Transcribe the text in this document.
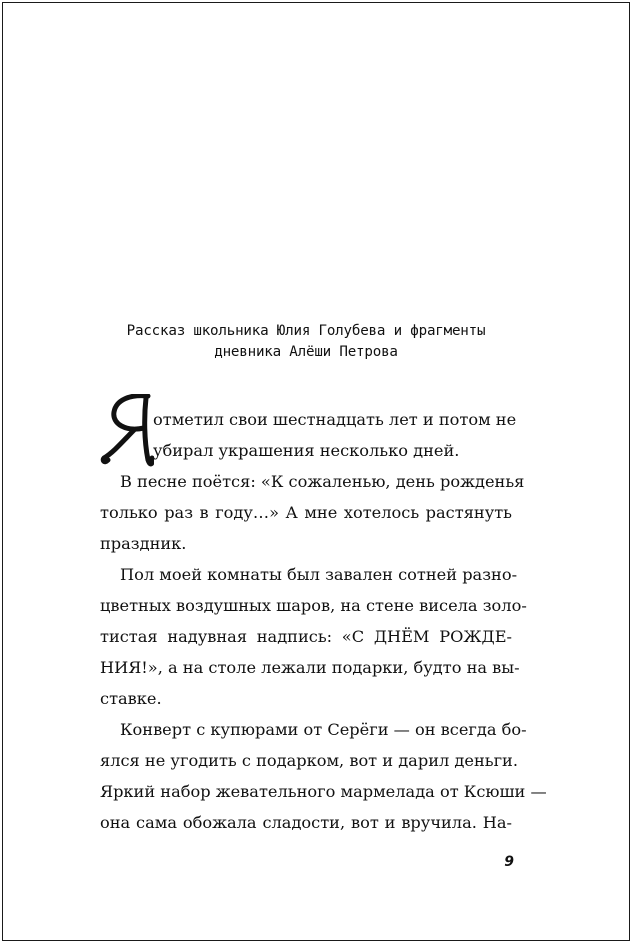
Рассказ школьника Юлия Голубева и фрагменты
дневника Алёши Петрова
отметил свои шестнадцать лет и потом не
убирал украшения несколько дней.
В песне поётся: «К сожаленью, день рожденья
только раз в году…» А мне хотелось растянуть
праздник.
Пол моей комнаты был завален сотней разно-
цветных воздушных шаров, на стене висела золо-
тистая надувная надпись: «С ДНЁМ РОЖДЕ-
НИЯ!», а на столе лежали подарки, будто на вы-
ставке.
Конверт с купюрами от Серёги — он всегда бо-
ялся не угодить с подарком, вот и дарил деньги.
Яркий набор жевательного мармелада от Ксюши —
она сама обожала сладости, вот и вручила. На-
9
